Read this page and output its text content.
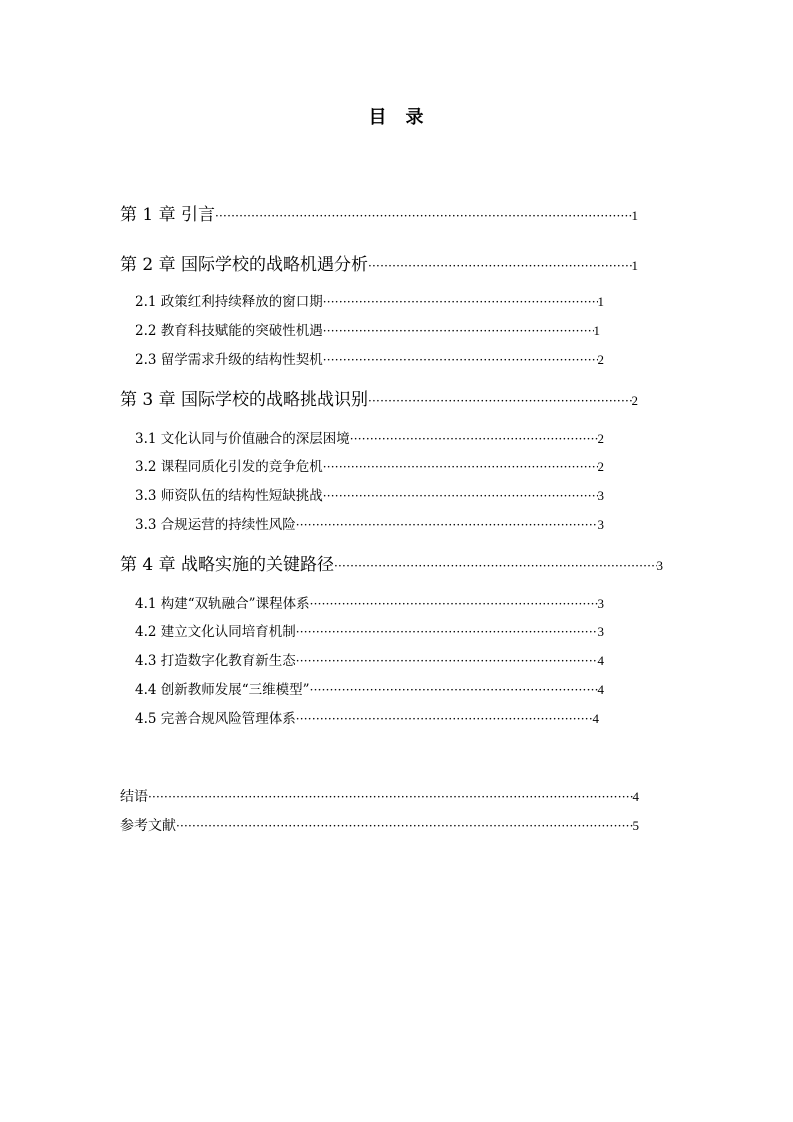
目 录
第 1 章 引言 ·····	1
第 2 章 国际学校的战略机遇分析 ·····	1
2.1 政策红利持续释放的窗口期 ·····	1
2.2 教育科技赋能的突破性机遇 ·····	1
2.3 留学需求升级的结构性契机 ·····	2
第 3 章 国际学校的战略挑战识别 ·····	2
3.1 文化认同与价值融合的深层困境 ·····	2
3.2 课程同质化引发的竞争危机 ·····	2
3.3 师资队伍的结构性短缺挑战 ·····	3
3.3 合规运营的持续性风险 ·····	3
第 4 章 战略实施的关键路径 ·····	3
4.1 构建“双轨融合”课程体系 ·····	3
4.2 建立文化认同培育机制 ·····	3
4.3 打造数字化教育新生态 ·····	4
4.4 创新教师发展“三维模型” ·····	4
4.5 完善合规风险管理体系 ·····	4
结语 ·····	4
参考文献 ·····	5
